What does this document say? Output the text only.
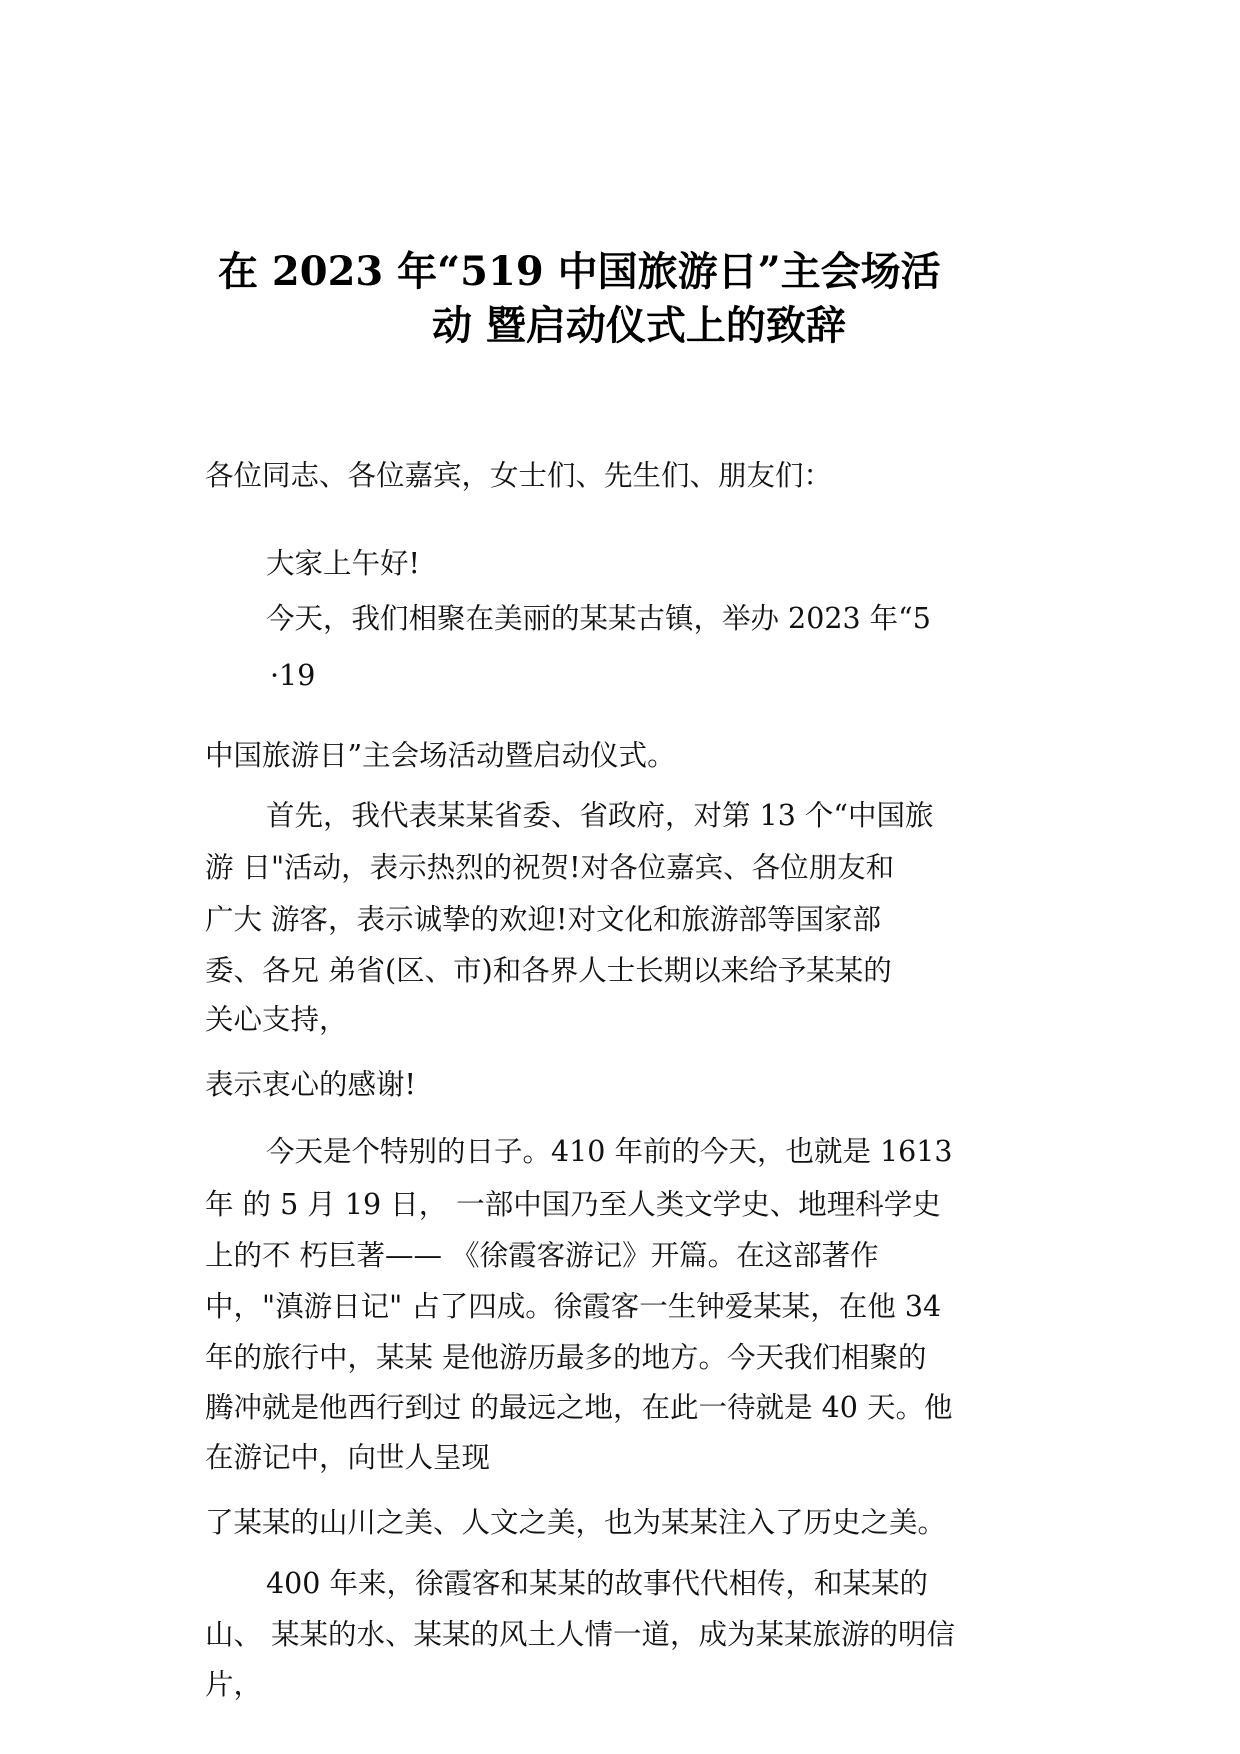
在 2023 年“519 中国旅游日”主会场活
动 暨启动仪式上的致辞
各位同志、各位嘉宾，女士们、先生们、朋友们：
大家上午好!
今天，我们相聚在美丽的某某古镇，举办 2023 年“5
·19
中国旅游日”主会场活动暨启动仪式。
首先，我代表某某省委、省政府，对第 13 个“中国旅
游 日"活动，表示热烈的祝贺!对各位嘉宾、各位朋友和
广大 游客，表示诚挚的欢迎!对文化和旅游部等国家部
委、各兄 弟省(区、市)和各界人士长期以来给予某某的
关心支持，
表示衷心的感谢!
今天是个特别的日子。410 年前的今天，也就是 1613
年 的 5 月 19 日， 一部中国乃至人类文学史、地理科学史
上的不 朽巨著—— 《徐霞客游记》开篇。在这部著作
中，"滇游日记" 占了四成。徐霞客一生钟爱某某，在他 34
年的旅行中，某某 是他游历最多的地方。今天我们相聚的
腾冲就是他西行到过 的最远之地，在此一待就是 40 天。他
在游记中，向世人呈现
了某某的山川之美、人文之美，也为某某注入了历史之美。
400 年来，徐霞客和某某的故事代代相传，和某某的
山、 某某的水、某某的风土人情一道，成为某某旅游的明信
片，
